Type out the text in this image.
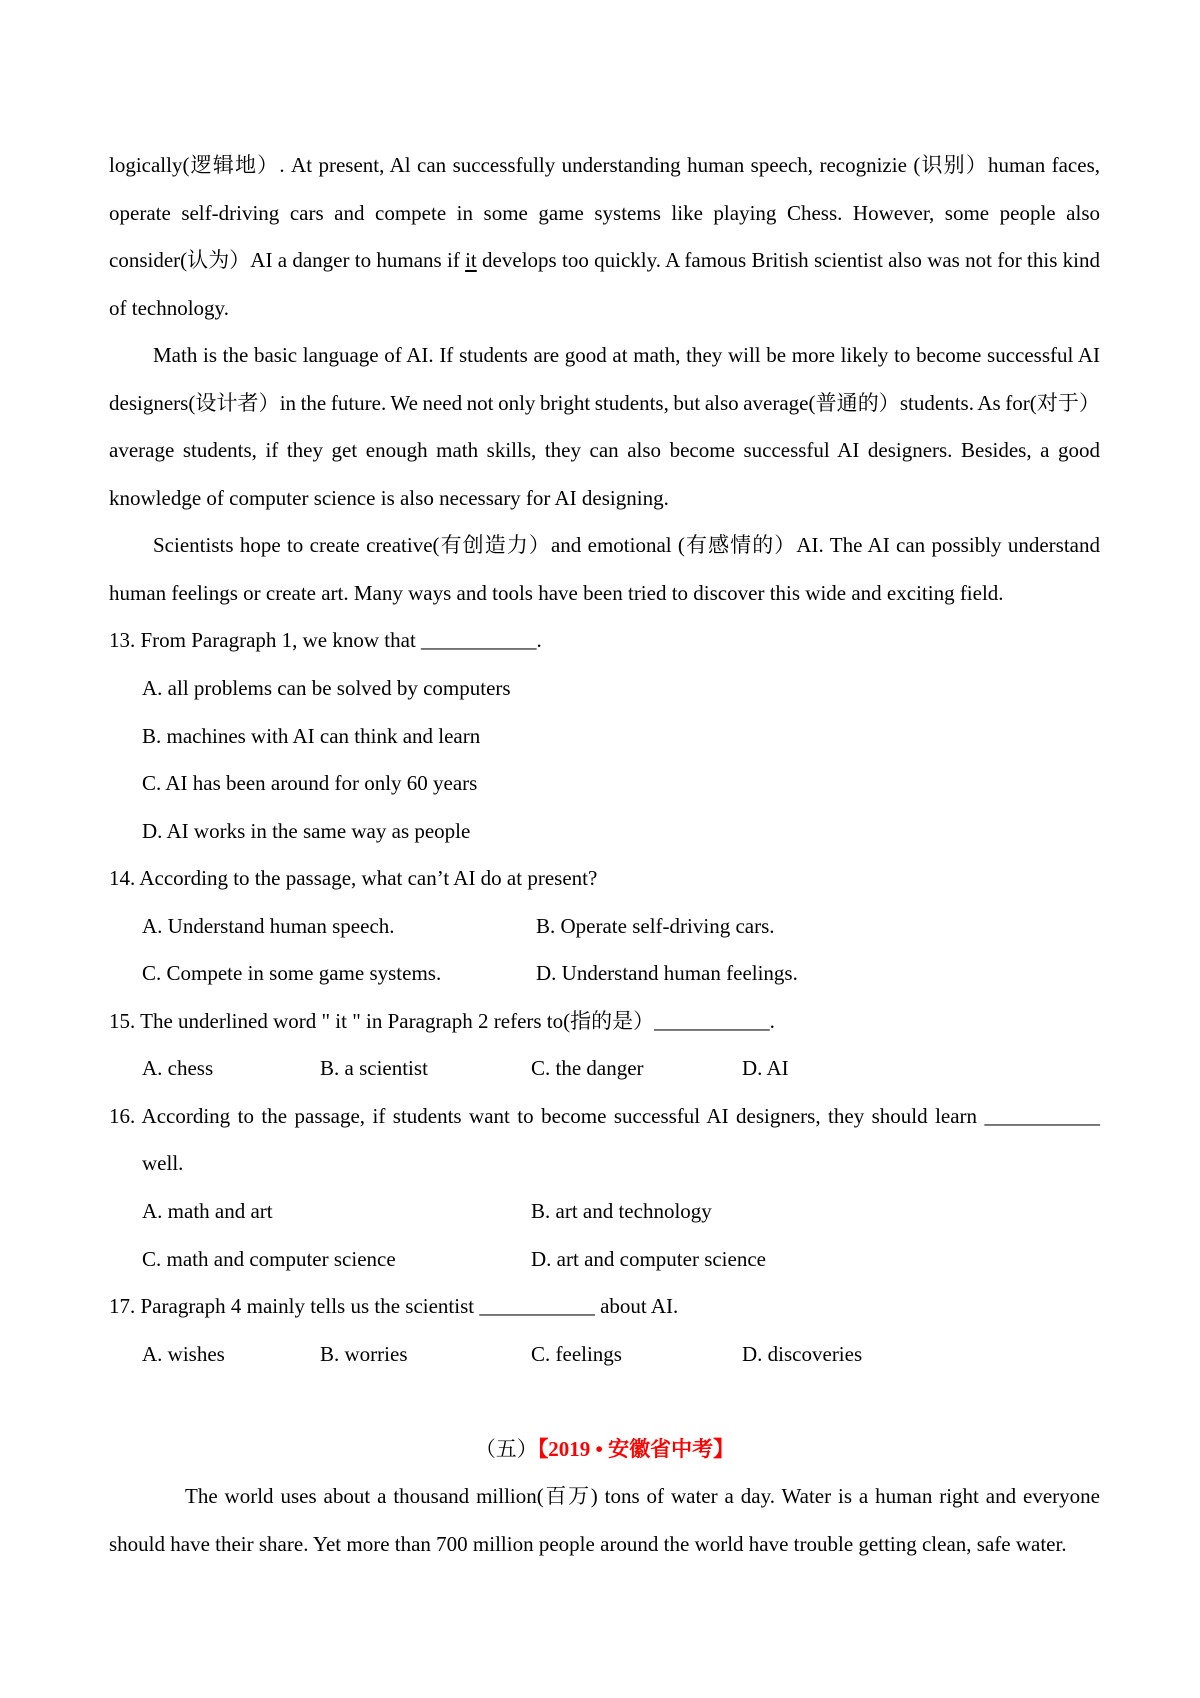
logically(逻辑地）. At present, Al can successfully understanding human speech, recognizie (识别）human faces,
operate self-driving cars and compete in some game systems like playing Chess. However, some people also
consider(认为）AI a danger to humans if it develops too quickly. A famous British scientist also was not for this kind
of technology.
Math is the basic language of AI. If students are good at math, they will be more likely to become successful AI
designers(设计者）in the future. We need not only bright students, but also average(普通的）students. As for(对于）
average students, if they get enough math skills, they can also become successful AI designers. Besides, a good
knowledge of computer science is also necessary for AI designing.
Scientists hope to create creative(有创造力）and emotional (有感情的）AI. The AI can possibly understand
human feelings or create art. Many ways and tools have been tried to discover this wide and exciting field.
13. From Paragraph 1, we know that ___________.
A. all problems can be solved by computers
B. machines with AI can think and learn
C. AI has been around for only 60 years
D. AI works in the same way as people
14. According to the passage, what can’t AI do at present?
A. Understand human speech.	B. Operate self-driving cars.
C. Compete in some game systems.	D. Understand human feelings.
15. The underlined word " it " in Paragraph 2 refers to(指的是）___________.
A. chess	B. a scientist	C. the danger	D. AI
16. According to the passage, if students want to become successful AI designers, they should learn ___________
well.
A. math and art	B. art and technology
C. math and computer science	D. art and computer science
17. Paragraph 4 mainly tells us the scientist ___________ about AI.
A. wishes	B. worries	C. feelings	D. discoveries
（五）【2019 • 安徽省中考】
The world uses about a thousand million(百万) tons of water a day. Water is a human right and everyone
should have their share. Yet more than 700 million people around the world have trouble getting clean, safe water.
